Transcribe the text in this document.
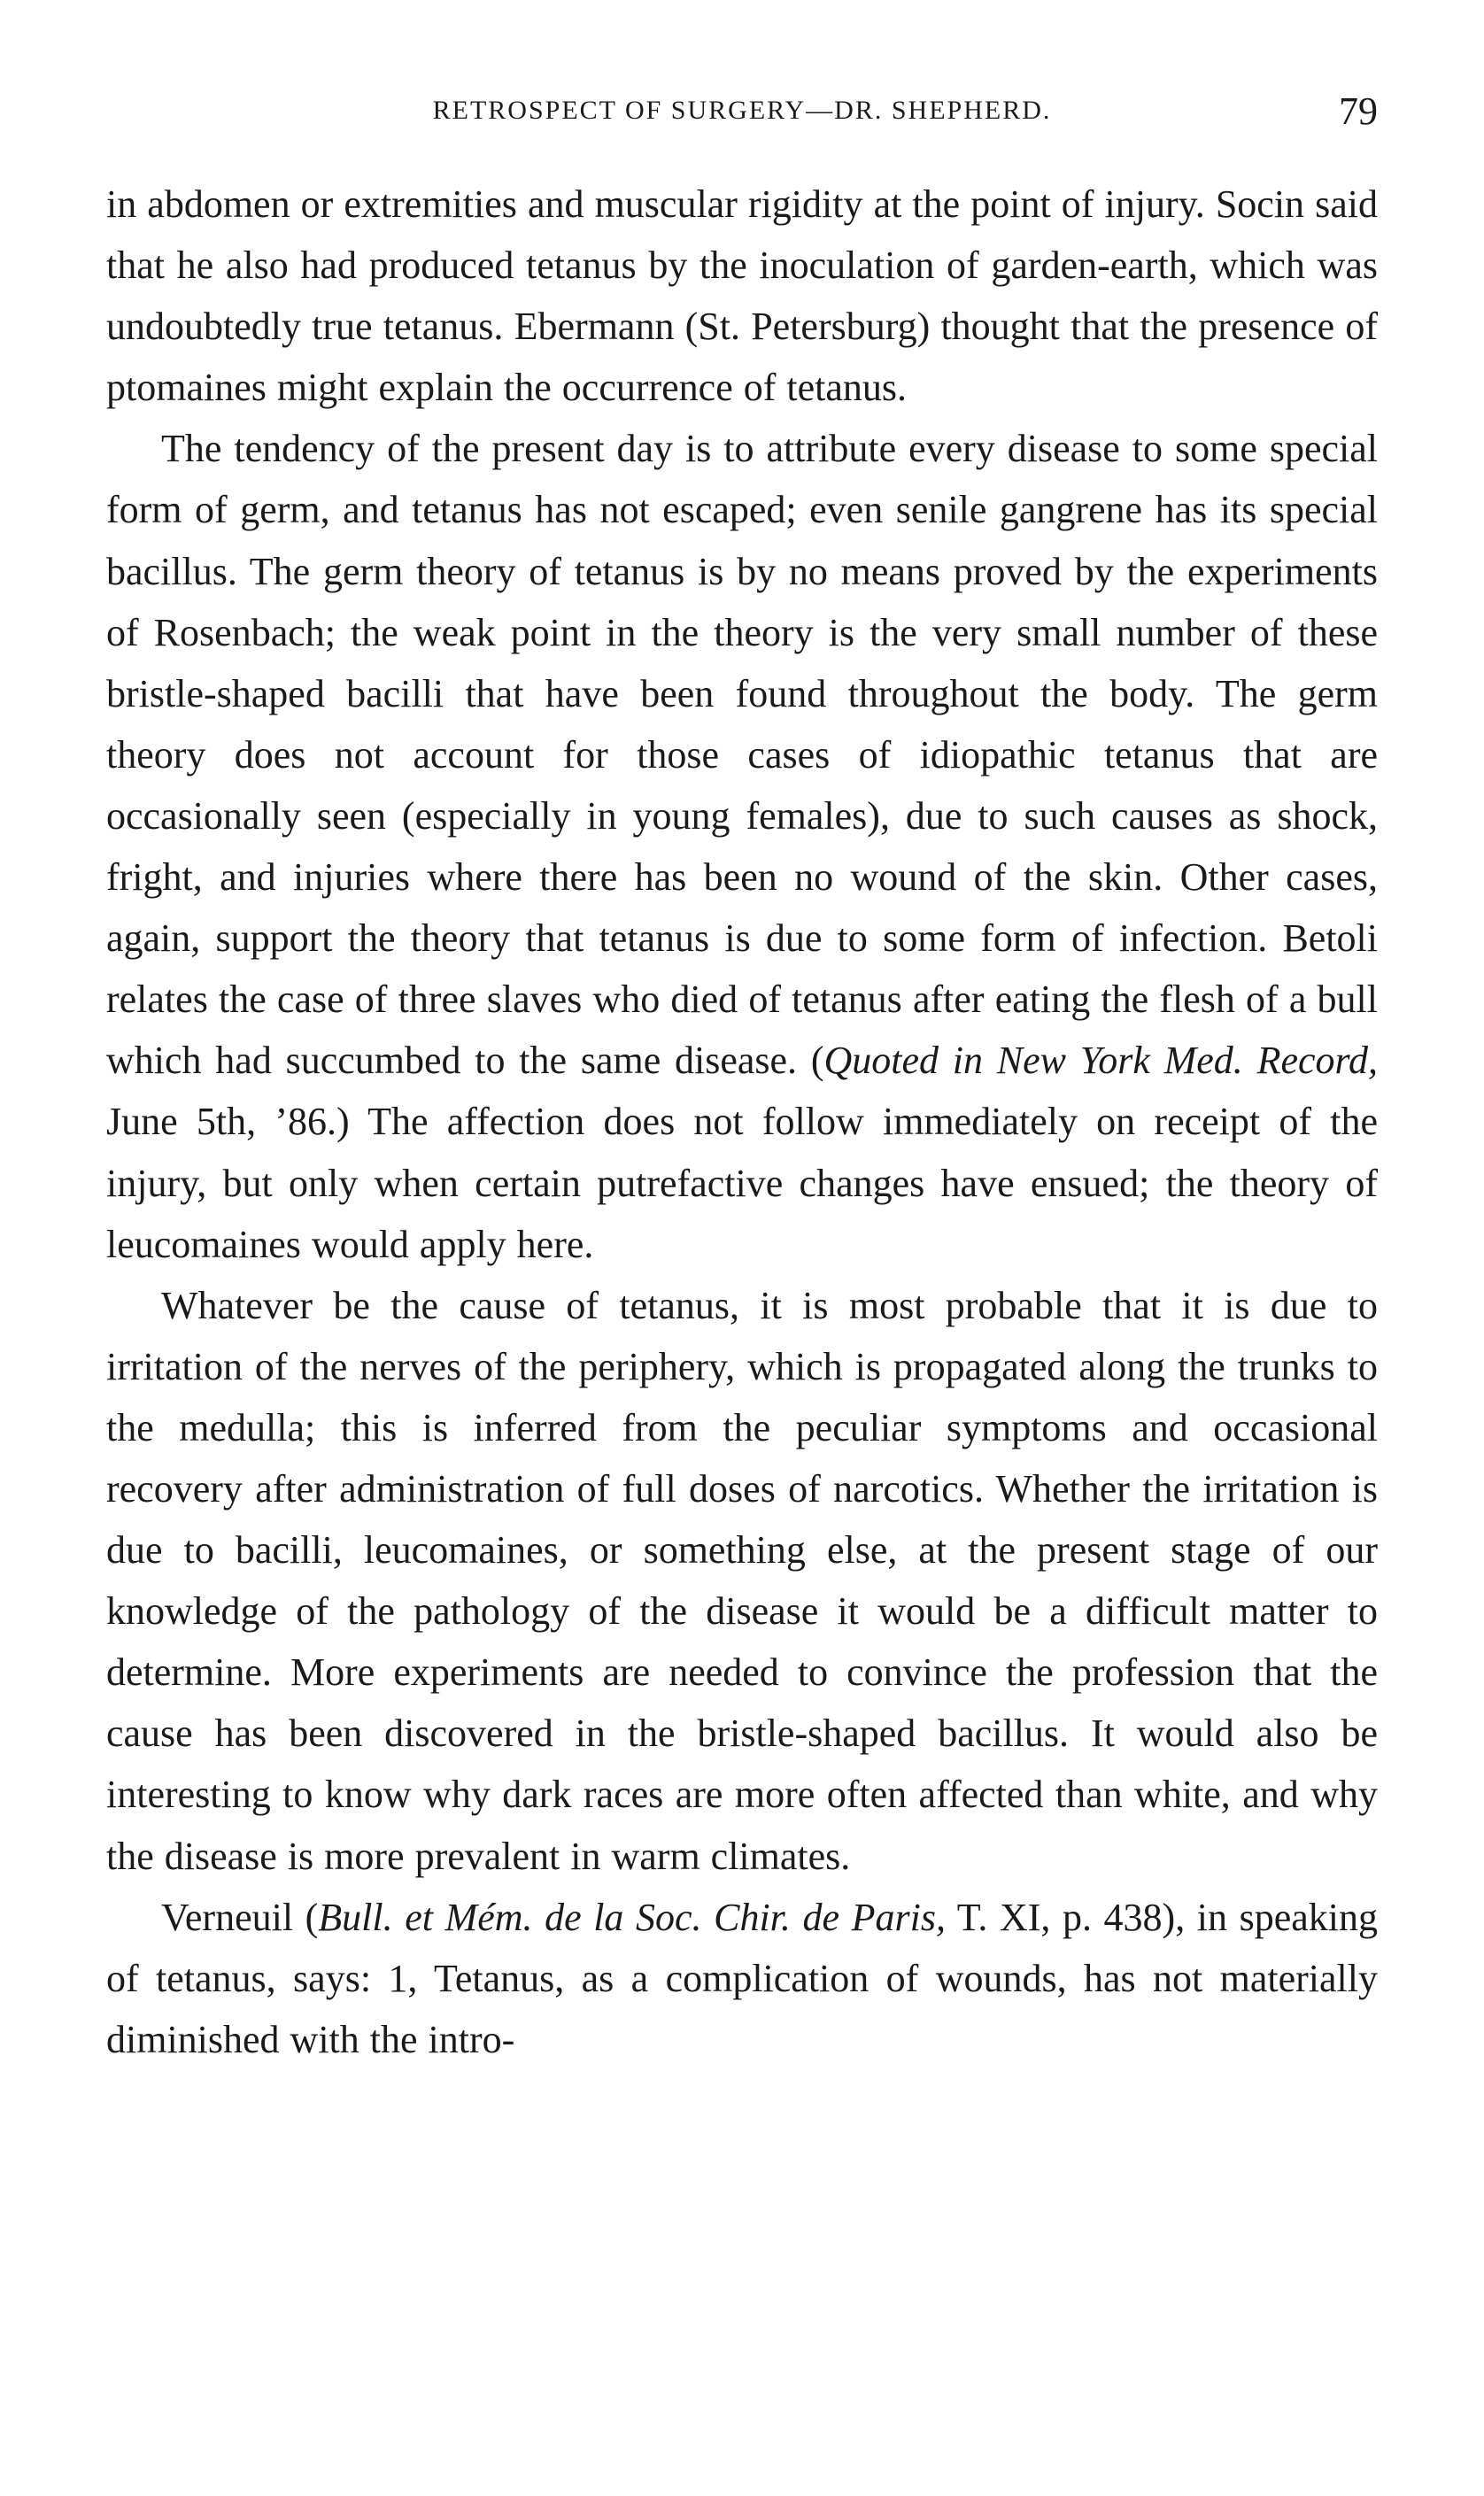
RETROSPECT OF SURGERY—DR. SHEPHERD.	79

in abdomen or extremities and muscular rigidity at the point of injury. Socin said that he also had produced tetanus by the inoculation of garden-earth, which was undoubtedly true tetanus. Ebermann (St. Petersburg) thought that the presence of ptomaines might explain the occurrence of tetanus.

The tendency of the present day is to attribute every disease to some special form of germ, and tetanus has not escaped; even senile gangrene has its special bacillus. The germ theory of tetanus is by no means proved by the experiments of Rosenbach; the weak point in the theory is the very small number of these bristle-shaped bacilli that have been found throughout the body. The germ theory does not account for those cases of idiopathic tetanus that are occasionally seen (especially in young females), due to such causes as shock, fright, and injuries where there has been no wound of the skin. Other cases, again, support the theory that tetanus is due to some form of infection. Betoli relates the case of three slaves who died of tetanus after eating the flesh of a bull which had succumbed to the same disease. (Quoted in New York Med. Record, June 5th, ’86.) The affection does not follow immediately on receipt of the injury, but only when certain putrefactive changes have ensued; the theory of leucomaines would apply here.

Whatever be the cause of tetanus, it is most probable that it is due to irritation of the nerves of the periphery, which is propagated along the trunks to the medulla; this is inferred from the peculiar symptoms and occasional recovery after administration of full doses of narcotics. Whether the irritation is due to bacilli, leucomaines, or something else, at the present stage of our knowledge of the pathology of the disease it would be a difficult matter to determine. More experiments are needed to convince the profession that the cause has been discovered in the bristle-shaped bacillus. It would also be interesting to know why dark races are more often affected than white, and why the disease is more prevalent in warm climates.

Verneuil (Bull. et Mém. de la Soc. Chir. de Paris, T. XI, p. 438), in speaking of tetanus, says: 1, Tetanus, as a complication of wounds, has not materially diminished with the intro-
